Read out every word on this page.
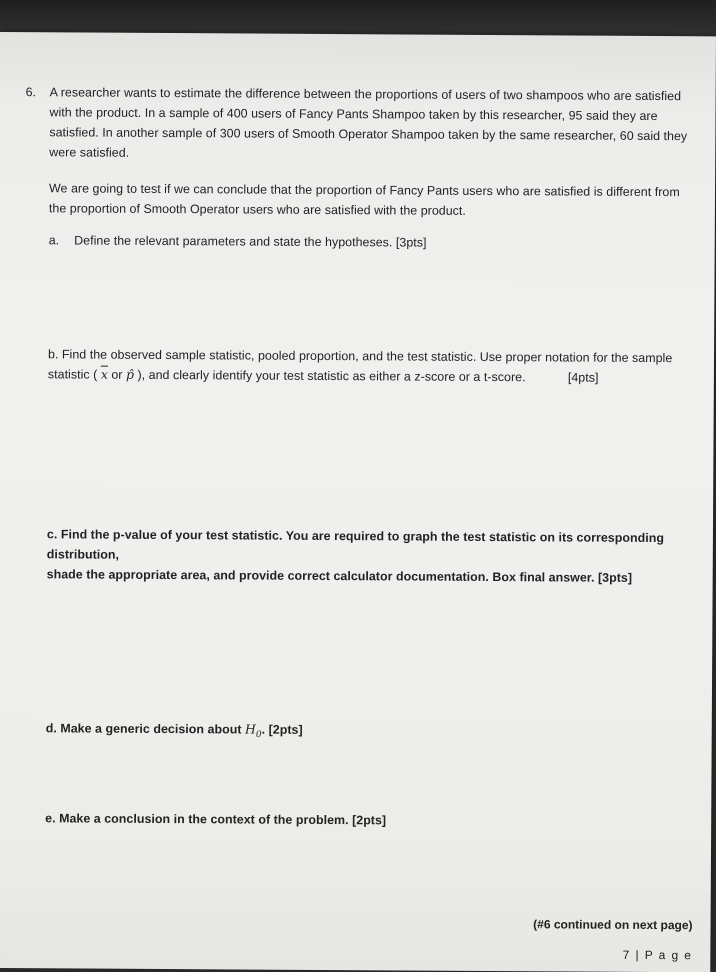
6. A researcher wants to estimate the difference between the proportions of users of two shampoos who are satisfied
with the product. In a sample of 400 users of Fancy Pants Shampoo taken by this researcher, 95 said they are
satisfied. In another sample of 300 users of Smooth Operator Shampoo taken by the same researcher, 60 said they
were satisfied.
We are going to test if we can conclude that the proportion of Fancy Pants users who are satisfied is different from
the proportion of Smooth Operator users who are satisfied with the product.
a. Define the relevant parameters and state the hypotheses. [3pts]
b. Find the observed sample statistic, pooled proportion, and the test statistic. Use proper notation for the sample
statistic ( $\overline{x}$ or p̂ ), and clearly identify your test statistic as either a z-score or a t-score.	[4pts]
c. Find the p-value of your test statistic. You are required to graph the test statistic on its corresponding distribution,
shade the appropriate area, and provide correct calculator documentation. Box final answer. [3pts]
d. Make a generic decision about $H_0$. [2pts]
e. Make a conclusion in the context of the problem. [2pts]
(#6 continued on next page)
7 | P a g e
